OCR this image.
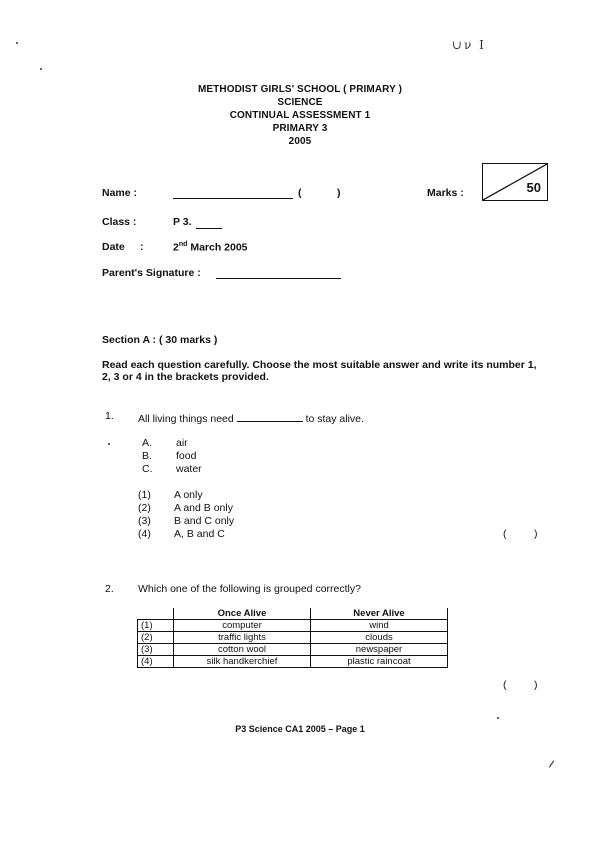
∪ν I
METHODIST GIRLS' SCHOOL ( PRIMARY )
SCIENCE
CONTINUAL ASSESSMENT 1
PRIMARY 3
2005
Name :	(	)	Marks :	50
Class :	P 3.
Date :	2nd March 2005
Parent's Signature :
Section A : ( 30 marks )
Read each question carefully. Choose the most suitable answer and write its number 1, 2, 3 or 4 in the brackets provided.
1. All living things need	to stay alive.
A. air
B. food
C. water
(1) A only
(2) A and B only
(3) B and C only
(4) A, B and C	(	)
2. Which one of the following is grouped correctly?
	Once Alive	Never Alive
(1)	computer	wind
(2)	traffic lights	clouds
(3)	cotton wool	newspaper
(4)	silk handkerchief	plastic raincoat
(	)
P3 Science CA1 2005 – Page 1
